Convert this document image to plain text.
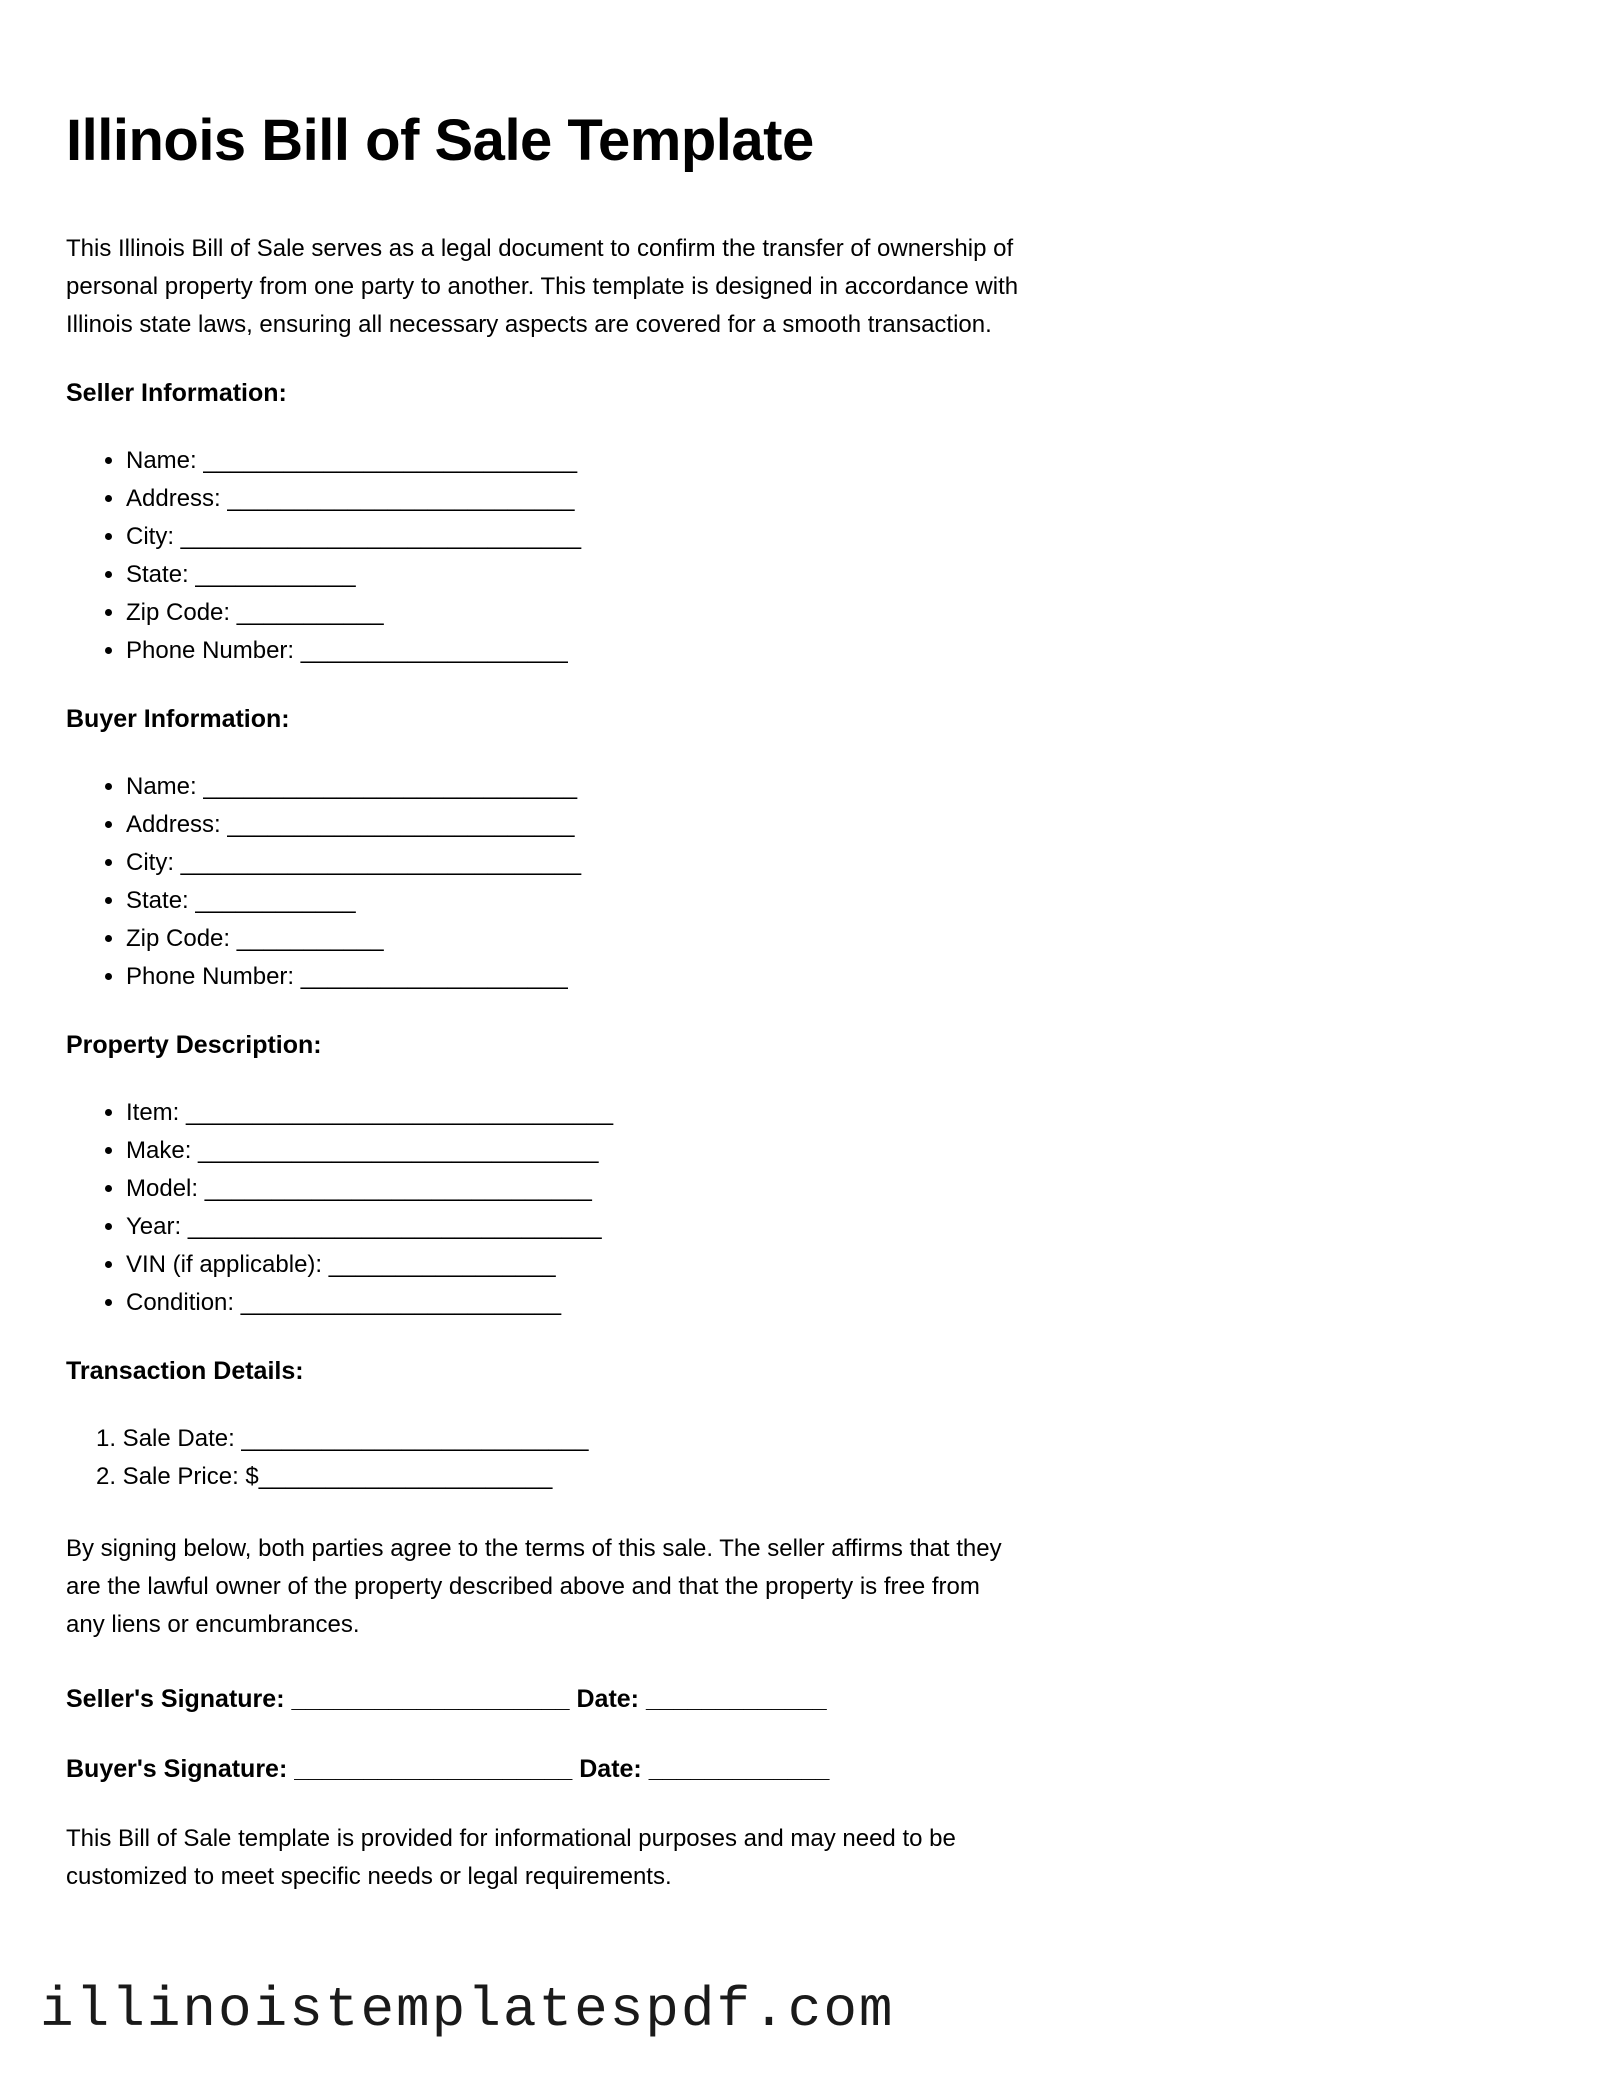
Illinois Bill of Sale Template

This Illinois Bill of Sale serves as a legal document to confirm the transfer of ownership of
personal property from one party to another. This template is designed in accordance with
Illinois state laws, ensuring all necessary aspects are covered for a smooth transaction.

Seller Information:
• Name: ____________________________
• Address: __________________________
• City: ______________________________
• State: ____________
• Zip Code: ___________
• Phone Number: ____________________
Buyer Information:
• Name: ____________________________
• Address: __________________________
• City: ______________________________
• State: ____________
• Zip Code: ___________
• Phone Number: ____________________
Property Description:
• Item: ________________________________
• Make: ______________________________
• Model: _____________________________
• Year: _______________________________
• VIN (if applicable): _________________
• Condition: ________________________
Transaction Details:
1. Sale Date: __________________________
2. Sale Price: $______________________

By signing below, both parties agree to the terms of this sale. The seller affirms that they
are the lawful owner of the property described above and that the property is free from
any liens or encumbrances.

Seller's Signature: ____________________ Date: _____________

Buyer's Signature: ____________________ Date: _____________

This Bill of Sale template is provided for informational purposes and may need to be
customized to meet specific needs or legal requirements.

illinoistemplatespdf.com
